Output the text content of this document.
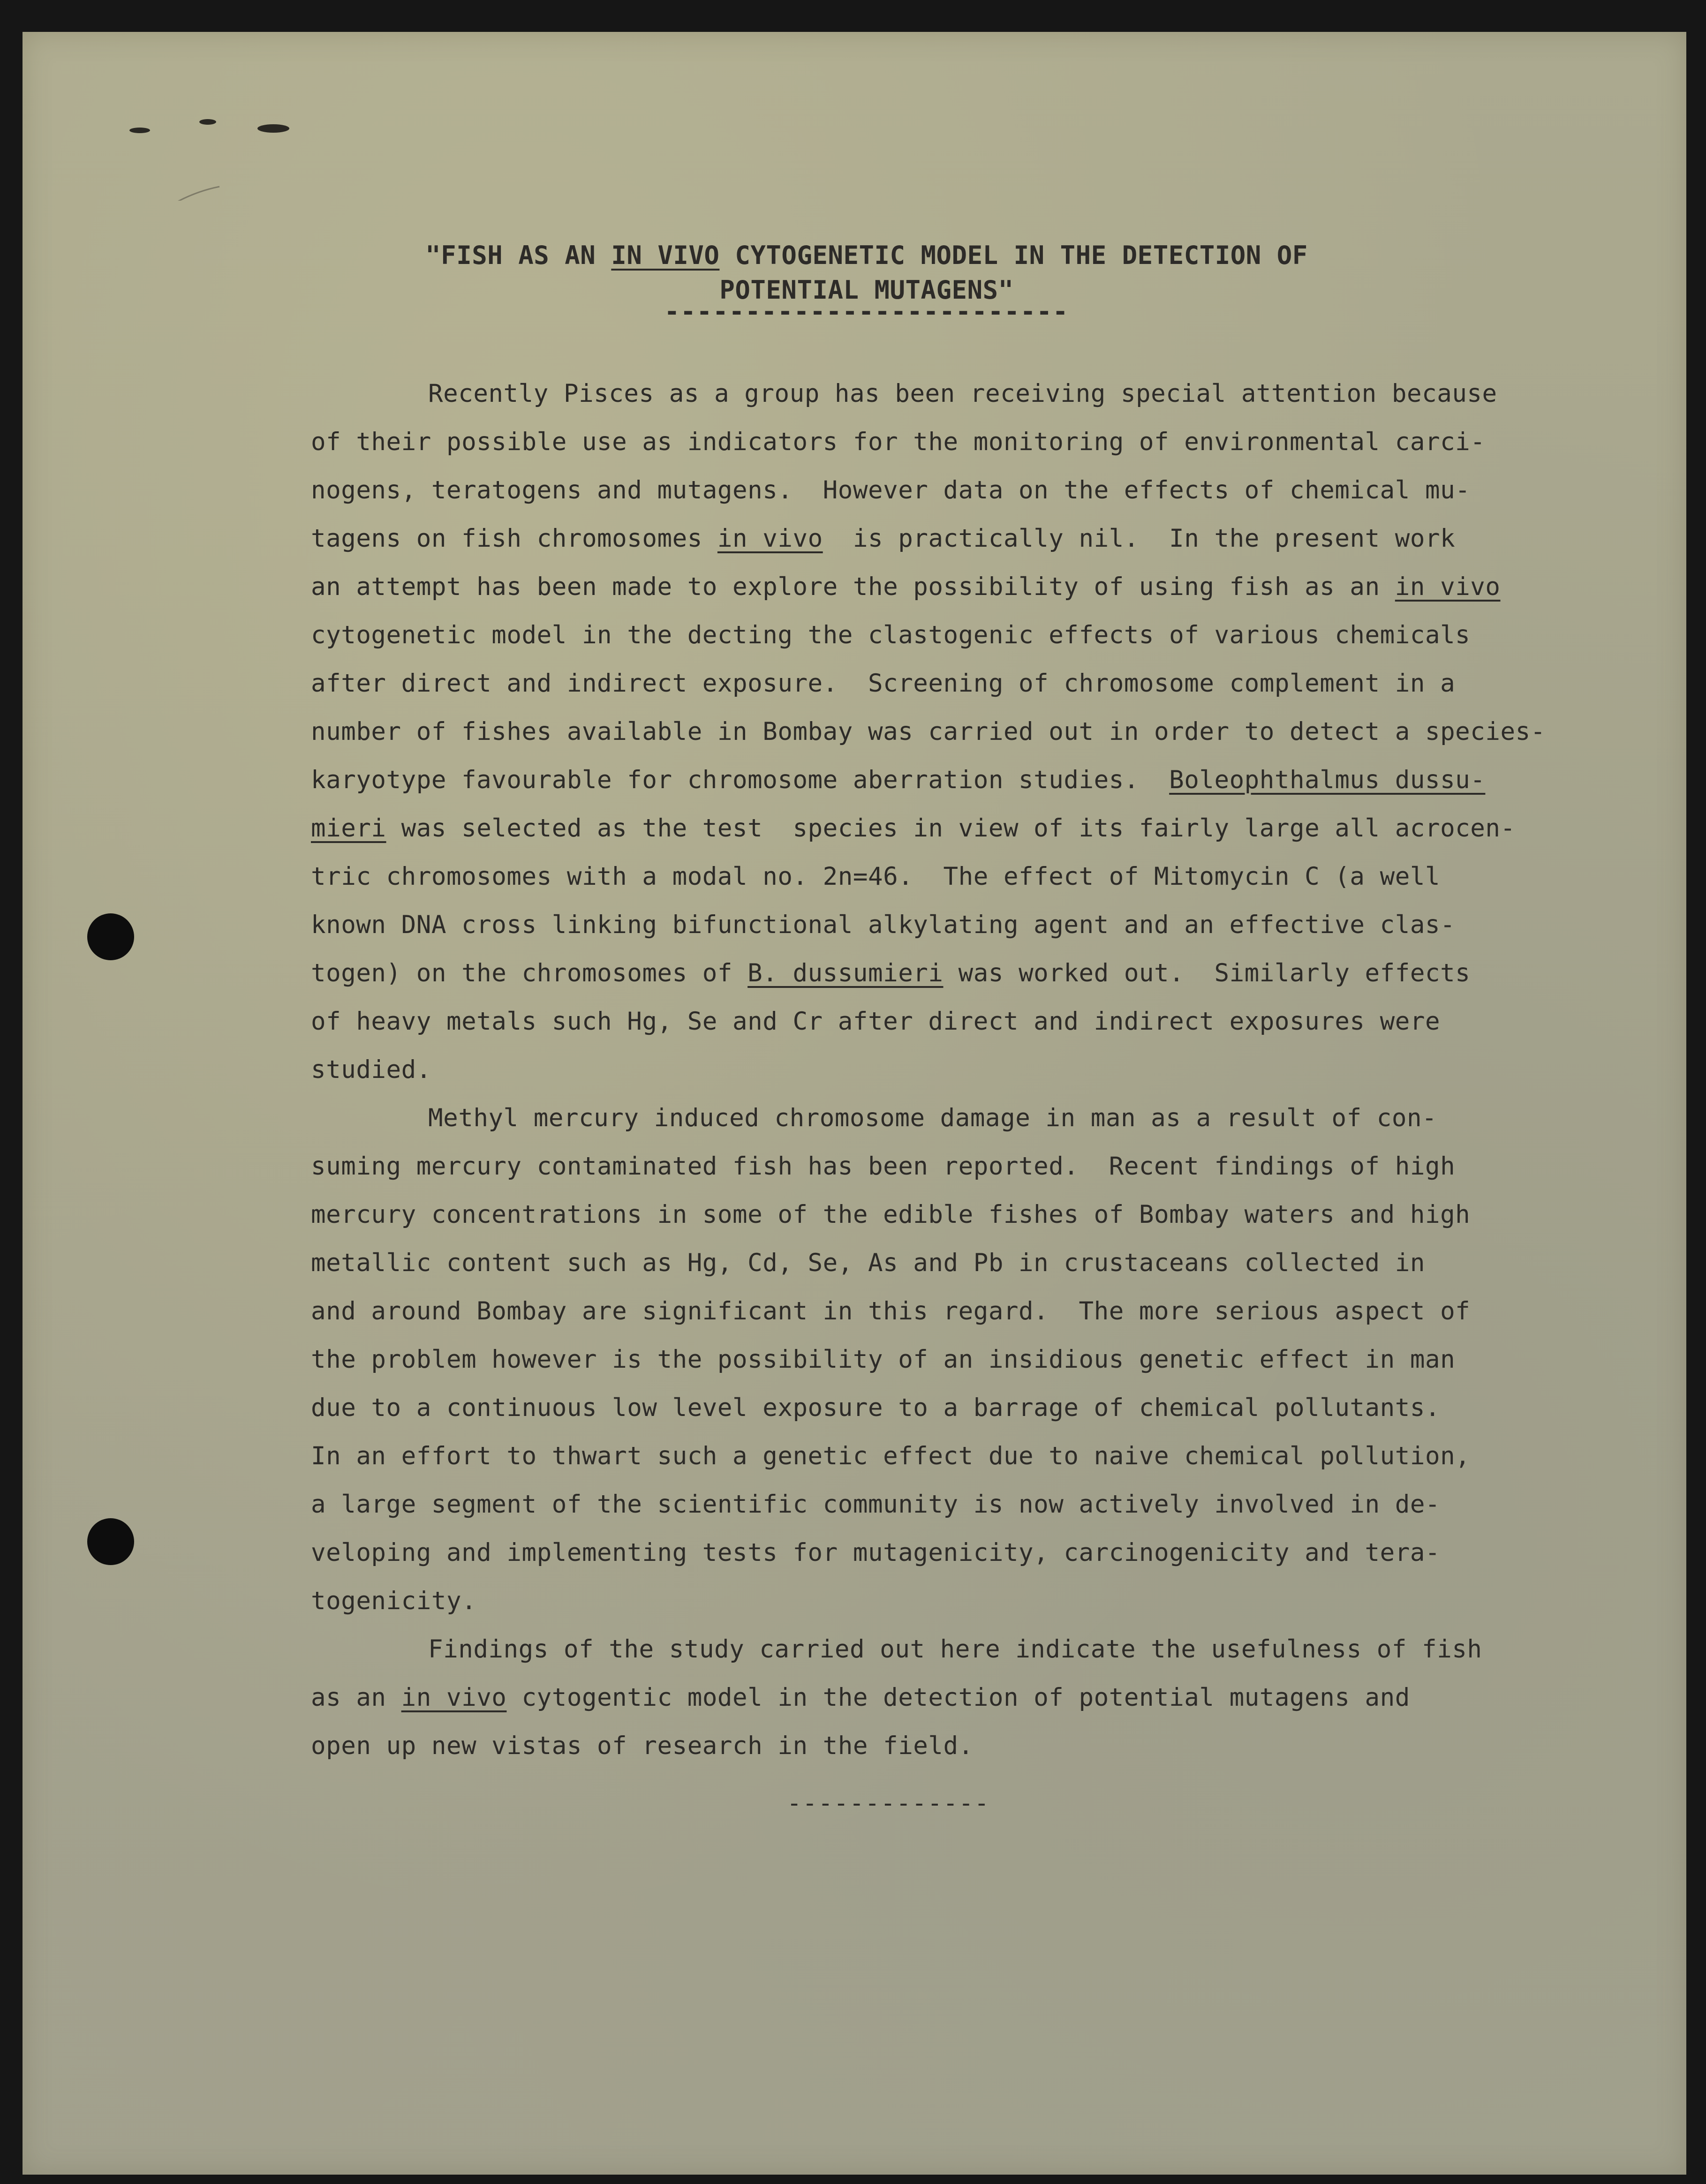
"FISH AS AN IN VIVO CYTOGENETIC MODEL IN THE DETECTION OF
POTENTIAL MUTAGENS"
-------------------------
Recently Pisces as a group has been receiving special attention because
of their possible use as indicators for the monitoring of environmental carci-
nogens, teratogens and mutagens.  However data on the effects of chemical mu-
tagens on fish chromosomes in vivo  is practically nil.  In the present work
an attempt has been made to explore the possibility of using fish as an in vivo
cytogenetic model in the decting the clastogenic effects of various chemicals
after direct and indirect exposure.  Screening of chromosome complement in a
number of fishes available in Bombay was carried out in order to detect a species-
karyotype favourable for chromosome aberration studies.  Boleophthalmus dussu-
mieri was selected as the test  species in view of its fairly large all acrocen-
tric chromosomes with a modal no. 2n=46.  The effect of Mitomycin C (a well
known DNA cross linking bifunctional alkylating agent and an effective clas-
togen) on the chromosomes of B. dussumieri was worked out.  Similarly effects
of heavy metals such Hg, Se and Cr after direct and indirect exposures were
studied.
Methyl mercury induced chromosome damage in man as a result of con-
suming mercury contaminated fish has been reported.  Recent findings of high
mercury concentrations in some of the edible fishes of Bombay waters and high
metallic content such as Hg, Cd, Se, As and Pb in crustaceans collected in
and around Bombay are significant in this regard.  The more serious aspect of
the problem however is the possibility of an insidious genetic effect in man
due to a continuous low level exposure to a barrage of chemical pollutants.
In an effort to thwart such a genetic effect due to naive chemical pollution,
a large segment of the scientific community is now actively involved in de-
veloping and implementing tests for mutagenicity, carcinogenicity and tera-
togenicity.
Findings of the study carried out here indicate the usefulness of fish
as an in vivo cytogentic model in the detection of potential mutagens and
open up new vistas of research in the field.
-------------
